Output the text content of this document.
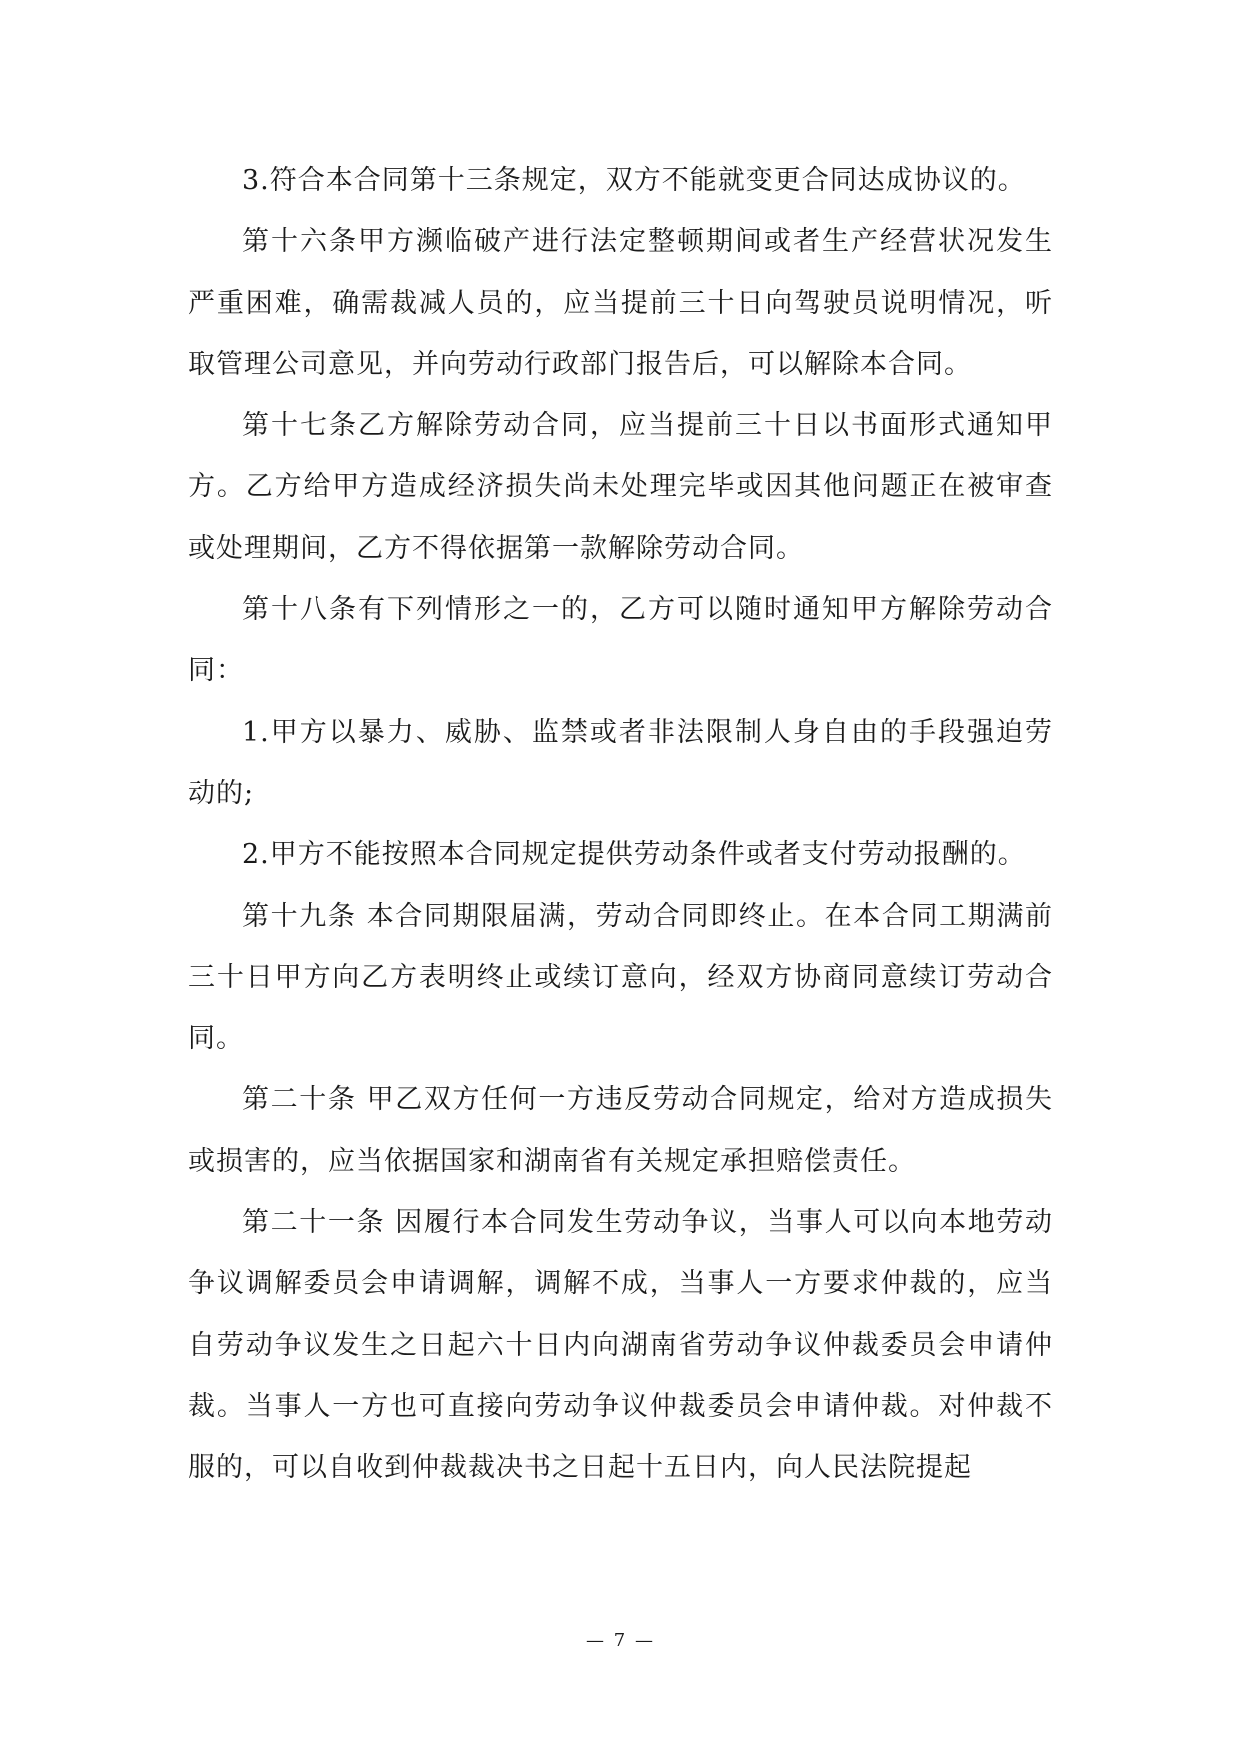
3.符合本合同第十三条规定，双方不能就变更合同达成协议的。

第十六条甲方濒临破产进行法定整顿期间或者生产经营状况发生严重困难，确需裁减人员的，应当提前三十日向驾驶员说明情况，听取管理公司意见，并向劳动行政部门报告后，可以解除本合同。

第十七条乙方解除劳动合同，应当提前三十日以书面形式通知甲方。乙方给甲方造成经济损失尚未处理完毕或因其他问题正在被审查或处理期间，乙方不得依据第一款解除劳动合同。

第十八条有下列情形之一的，乙方可以随时通知甲方解除劳动合同：

1.甲方以暴力、威胁、监禁或者非法限制人身自由的手段强迫劳动的;

2.甲方不能按照本合同规定提供劳动条件或者支付劳动报酬的。

第十九条 本合同期限届满，劳动合同即终止。在本合同工期满前三十日甲方向乙方表明终止或续订意向，经双方协商同意续订劳动合同。

第二十条 甲乙双方任何一方违反劳动合同规定，给对方造成损失或损害的，应当依据国家和湖南省有关规定承担赔偿责任。

第二十一条 因履行本合同发生劳动争议，当事人可以向本地劳动争议调解委员会申请调解，调解不成，当事人一方要求仲裁的，应当自劳动争议发生之日起六十日内向湖南省劳动争议仲裁委员会申请仲裁。当事人一方也可直接向劳动争议仲裁委员会申请仲裁。对仲裁不服的，可以自收到仲裁裁决书之日起十五日内，向人民法院提起

— 7 —
